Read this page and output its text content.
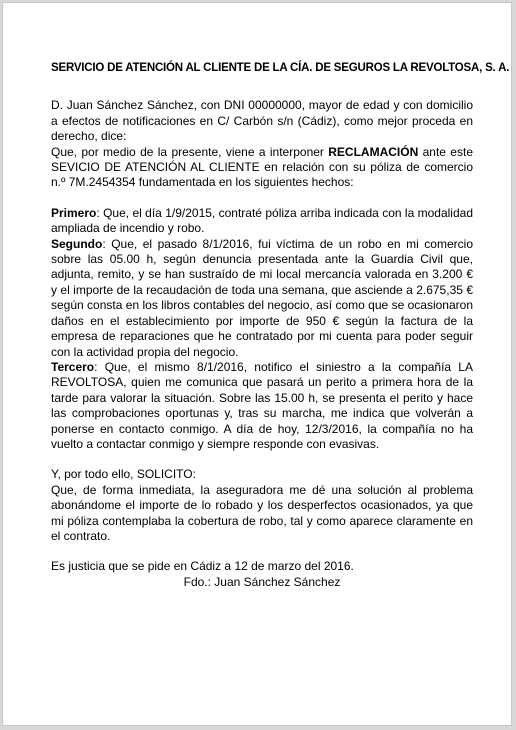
SERVICIO DE ATENCIÓN AL CLIENTE DE LA CÍA. DE SEGUROS LA REVOLTOSA, S. A.

D. Juan Sánchez Sánchez, con DNI 00000000, mayor de edad y con domicilio a efectos de notificaciones en C/ Carbón s/n (Cádiz), como mejor proceda en derecho, dice:

Que, por medio de la presente, viene a interponer RECLAMACIÓN ante este SEVICIO DE ATENCIÓN AL CLIENTE en relación con su póliza de comercio n.º 7M.2454354 fundamentada en los siguientes hechos:

Primero: Que, el día 1/9/2015, contraté póliza arriba indicada con la modalidad ampliada de incendio y robo.

Segundo: Que, el pasado 8/1/2016, fui víctima de un robo en mi comercio sobre las 05.00 h, según denuncia presentada ante la Guardia Civil que, adjunta, remito, y se han sustraído de mi local mercancía valorada en 3.200 € y el importe de la recaudación de toda una semana, que asciende a 2.675,35 € según consta en los libros contables del negocio, así como que se ocasionaron daños en el establecimiento por importe de 950 € según la factura de la empresa de reparaciones que he contratado por mi cuenta para poder seguir con la actividad propia del negocio.

Tercero: Que, el mismo 8/1/2016, notifico el siniestro a la compañía LA REVOLTOSA, quien me comunica que pasará un perito a primera hora de la tarde para valorar la situación. Sobre las 15.00 h, se presenta el perito y hace las comprobaciones oportunas y, tras su marcha, me indica que volverán a ponerse en contacto conmigo. A día de hoy, 12/3/2016, la compañía no ha vuelto a contactar conmigo y siempre responde con evasivas.

Y, por todo ello, SOLICITO:

Que, de forma inmediata, la aseguradora me dé una solución al problema abonándome el importe de lo robado y los desperfectos ocasionados, ya que mi póliza contemplaba la cobertura de robo, tal y como aparece claramente en el contrato.

Es justicia que se pide en Cádiz a 12 de marzo del 2016.

Fdo.: Juan Sánchez Sánchez
